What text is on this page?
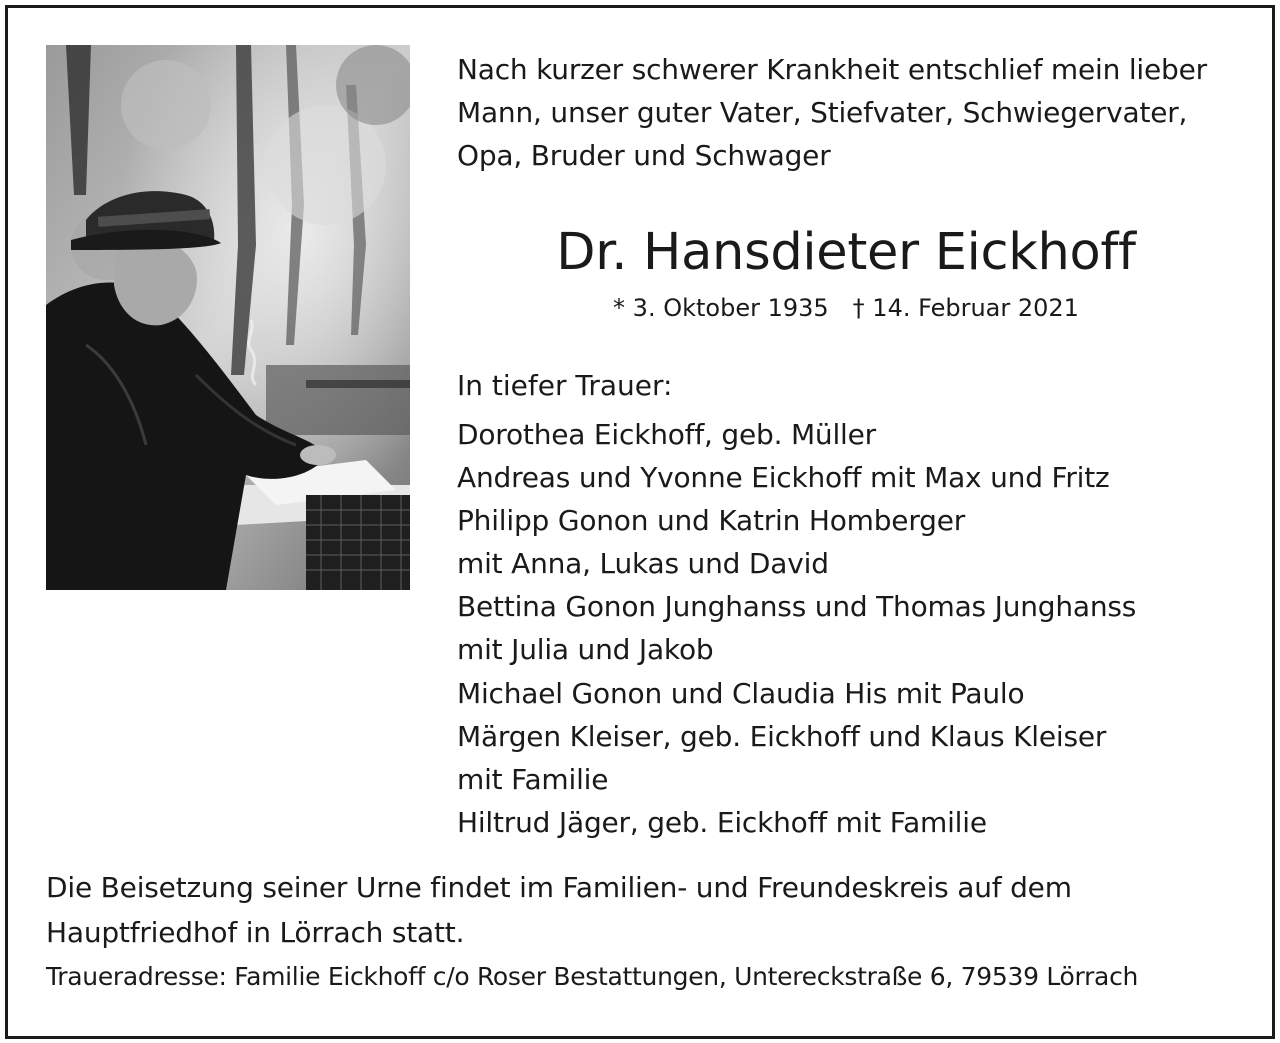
Nach kurzer schwerer Krankheit entschlief mein lieber
Mann, unser guter Vater, Stiefvater, Schwiegervater,
Opa, Bruder und Schwager
Dr. Hansdieter Eickhoff
* 3. Oktober 1935 † 14. Februar 2021
In tiefer Trauer:
Dorothea Eickhoff, geb. Müller
Andreas und Yvonne Eickhoff mit Max und Fritz
Philipp Gonon und Katrin Homberger
mit Anna, Lukas und David
Bettina Gonon Junghanss und Thomas Junghanss
mit Julia und Jakob
Michael Gonon und Claudia His mit Paulo
Märgen Kleiser, geb. Eickhoff und Klaus Kleiser
mit Familie
Hiltrud Jäger, geb. Eickhoff mit Familie
Die Beisetzung seiner Urne findet im Familien- und Freundeskreis auf dem
Hauptfriedhof in Lörrach statt.
Traueradresse: Familie Eickhoff c/o Roser Bestattungen, Untereckstraße 6, 79539 Lörrach
